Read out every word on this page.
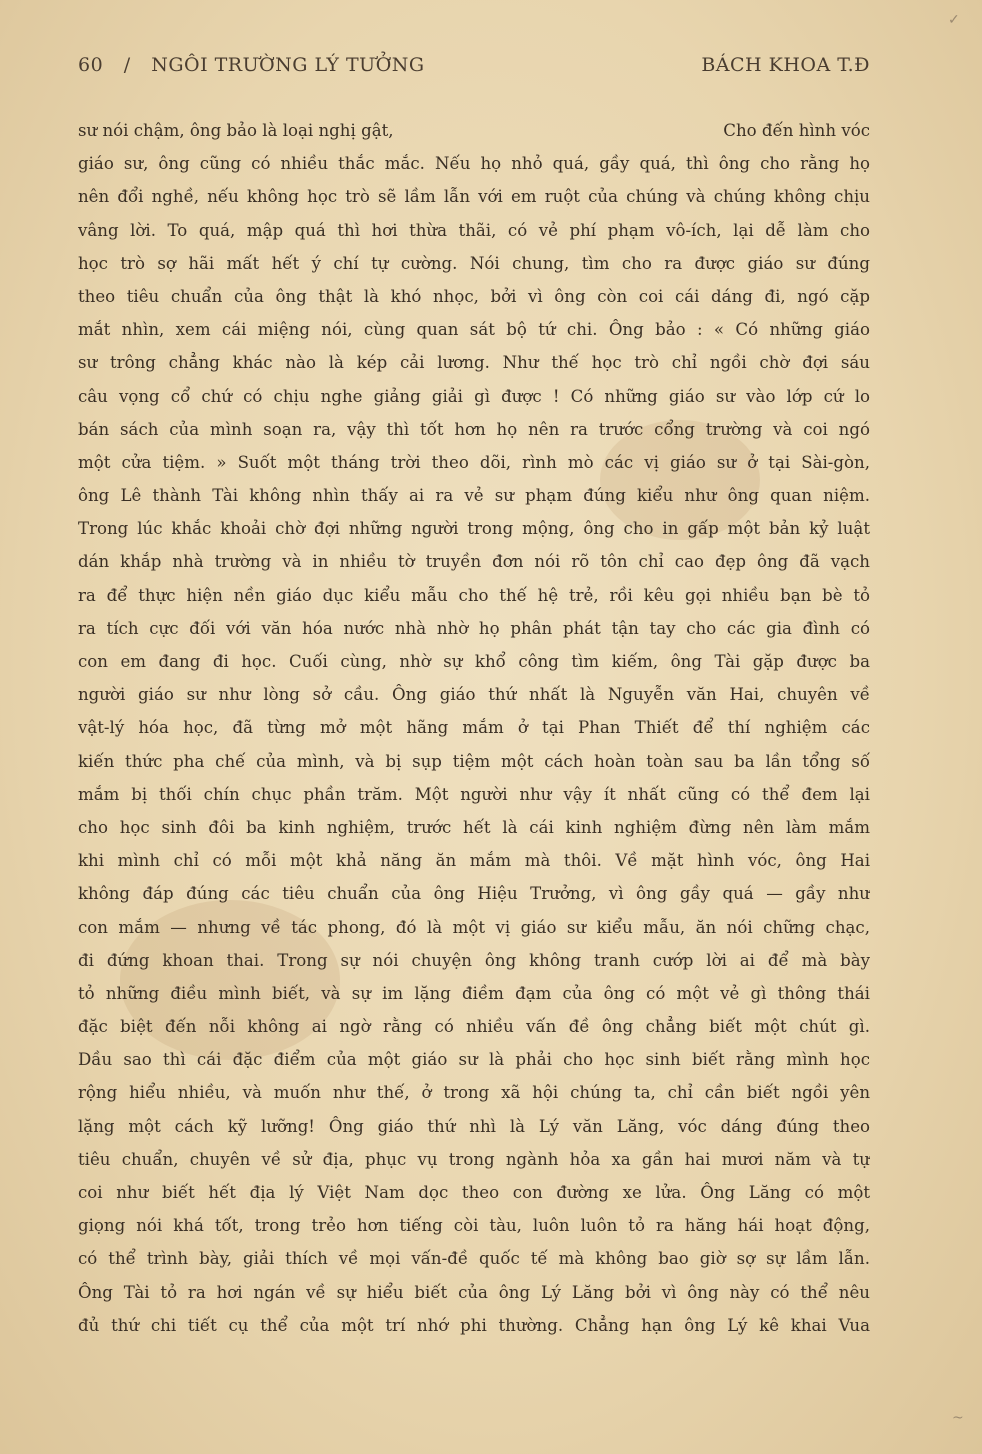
60 / NGÔI TRƯỜNG LÝ TƯỞNG	BÁCH KHOA T.Đ
sư nói chậm, ông bảo là loại nghị gật,	Cho đến hình vóc
giáo sư, ông cũng có nhiều thắc mắc. Nếu họ nhỏ quá, gầy quá, thì ông cho rằng họ
nên đổi nghề, nếu không học trò sẽ lầm lẫn với em ruột của chúng và chúng không chịu
vâng lời. To quá, mập quá thì hơi thừa thãi, có vẻ phí phạm vô-ích, lại dễ làm cho
học trò sợ hãi mất hết ý chí tự cường. Nói chung, tìm cho ra được giáo sư đúng
theo tiêu chuẩn của ông thật là khó nhọc, bởi vì ông còn coi cái dáng đi, ngó cặp
mắt nhìn, xem cái miệng nói, cùng quan sát bộ tứ chi. Ông bảo : « Có những giáo
sư trông chẳng khác nào là kép cải lương. Như thế học trò chỉ ngồi chờ đợi sáu
câu vọng cổ chứ có chịu nghe giảng giải gì được ! Có những giáo sư vào lớp cứ lo
bán sách của mình soạn ra, vậy thì tốt hơn họ nên ra trước cổng trường và coi ngó
một cửa tiệm. » Suốt một tháng trời theo dõi, rình mò các vị giáo sư ở tại Sài-gòn,
ông Lê thành Tài không nhìn thấy ai ra vẻ sư phạm đúng kiểu như ông quan niệm.
Trong lúc khắc khoải chờ đợi những người trong mộng, ông cho in gấp một bản kỷ luật
dán khắp nhà trường và in nhiều tờ truyền đơn nói rõ tôn chỉ cao đẹp ông đã vạch
ra để thực hiện nền giáo dục kiểu mẫu cho thế hệ trẻ, rồi kêu gọi nhiều bạn bè tỏ
ra tích cực đối với văn hóa nước nhà nhờ họ phân phát tận tay cho các gia đình có
con em đang đi học. Cuối cùng, nhờ sự khổ công tìm kiếm, ông Tài gặp được ba
người giáo sư như lòng sở cầu. Ông giáo thứ nhất là Nguyễn văn Hai, chuyên về
vật-lý hóa học, đã từng mở một hãng mắm ở tại Phan Thiết để thí nghiệm các
kiến thức pha chế của mình, và bị sụp tiệm một cách hoàn toàn sau ba lần tổng số
mắm bị thối chín chục phần trăm. Một người như vậy ít nhất cũng có thể đem lại
cho học sinh đôi ba kinh nghiệm, trước hết là cái kinh nghiệm đừng nên làm mắm
khi mình chỉ có mỗi một khả năng ăn mắm mà thôi. Về mặt hình vóc, ông Hai
không đáp đúng các tiêu chuẩn của ông Hiệu Trưởng, vì ông gầy quá — gầy như
con mắm — nhưng về tác phong, đó là một vị giáo sư kiểu mẫu, ăn nói chững chạc,
đi đứng khoan thai. Trong sự nói chuyện ông không tranh cướp lời ai để mà bày
tỏ những điều mình biết, và sự im lặng điềm đạm của ông có một vẻ gì thông thái
đặc biệt đến nỗi không ai ngờ rằng có nhiều vấn đề ông chẳng biết một chút gì.
Dầu sao thì cái đặc điểm của một giáo sư là phải cho học sinh biết rằng mình học
rộng hiểu nhiều, và muốn như thế, ở trong xã hội chúng ta, chỉ cần biết ngồi yên
lặng một cách kỹ lưỡng! Ông giáo thứ nhì là Lý văn Lăng, vóc dáng đúng theo
tiêu chuẩn, chuyên về sử địa, phục vụ trong ngành hỏa xa gần hai mươi năm và tự
coi như biết hết địa lý Việt Nam dọc theo con đường xe lửa. Ông Lăng có một
giọng nói khá tốt, trong trẻo hơn tiếng còi tàu, luôn luôn tỏ ra hăng hái hoạt động,
có thể trình bày, giải thích về mọi vấn-đề quốc tế mà không bao giờ sợ sự lầm lẫn.
Ông Tài tỏ ra hơi ngán về sự hiểu biết của ông Lý Lăng bởi vì ông này có thể nêu
đủ thứ chi tiết cụ thể của một trí nhớ phi thường. Chẳng hạn ông Lý kê khai Vua
✓
~
